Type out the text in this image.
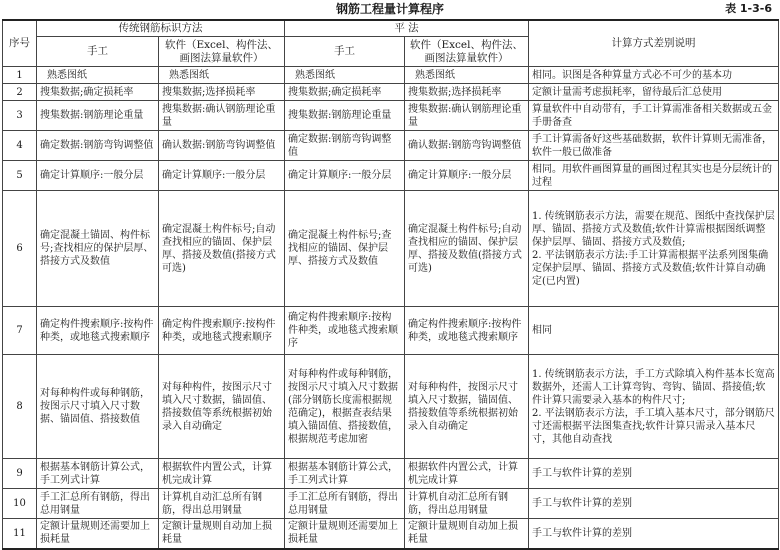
钢筋工程量计算程序	表 1-3-6
序号	传统钢筋标识方法		平 法		计算方式差别说明
	手工	软件（Excel、构件法、画图法算量软件）	手工	软件（Excel、构件法、画图法算量软件）	
1	熟悉图纸	熟悉图纸	熟悉图纸	熟悉图纸	相同。识图是各种算量方式必不可少的基本功

2	搜集数据;确定损耗率	搜集数据;选择损耗率	搜集数据;确定损耗率	搜集数据;选择损耗率	定额计量需考虑损耗率，留待最后汇总使用

3	搜集数据:钢筋理论重量	搜集数据:确认钢筋理论重量	搜集数据:钢筋理论重量	搜集数据:确认钢筋理论重量	算量软件中自动带有，手工计算需准备相关数据或五金手册备查

4	确定数据:钢筋弯钩调整值	确认数据:钢筋弯钩调整值	确定数据:钢筋弯钩调整值	确认数据:钢筋弯钩调整值	手工计算需备好这些基础数据，软件计算则无需准备，软件一般已做准备

5	确定计算顺序:一般分层	确定计算顺序:一般分层	确定计算顺序:一般分层	确定计算顺序:一般分层	相同。用软件画图算量的画图过程其实也是分层统计的过程

6	确定混凝土锚固、构件标号;查找相应的保护层厚、搭接方式及数值	确定混凝土构件标号;自动查找相应的锚固、保护层厚、搭接及数值(搭接方式可选)	确定混凝土构件标号;查找相应的锚固、保护层厚、搭接方式及数值	确定混凝土构件标号;自动查找相应的锚固、保护层厚、搭接及数值(搭接方式可选)	1. 传统钢筋表示方法，需要在规范、图纸中查找保护层厚、锚固、搭接方式及数值;软件计算需根据图纸调整保护层厚、锚固、搭接方式及数值;

2. 平法钢筋表示方法:手工计算需根据平法系列图集确定保护层厚、锚固、搭接方式及数值;软件计算自动确定(已内置)

7	确定构件搜索顺序:按构件种类，或地毯式搜索顺序	确定构件搜索顺序:按构件种类，或地毯式搜索顺序	确定构件搜索顺序:按构件种类，或地毯式搜索顺序	确定构件搜索顺序:按构件种类，或地毯式搜索顺序	相同

8	对每种构件或每种钢筋，按图示尺寸填入尺寸数据、锚固值、搭接数值	对每种构件，按图示尺寸填入尺寸数据，锚固值、搭接数值等系统根据初始录入自动确定	对每种构件或每种钢筋，按图示尺寸填入尺寸数据(部分钢筋长度需根据规范确定)，根据查表结果填入锚固值、搭接数值，根据规范考虑加密	对每种构件，按图示尺寸填入尺寸数据，锚固值、搭接数值等系统根据初始录入自动确定	1. 传统钢筋表示方法，手工方式除填入构件基本长宽高数据外，还需人工计算弯钩、弯钩、锚固、搭接值;软件计算只需要录入基本的构件尺寸;

2. 平法钢筋表示方法，手工填入基本尺寸，部分钢筋尺寸还需根据平法图集查找;软件计算只需录入基本尺寸，其他自动查找

9	根据基本钢筋计算公式，手工列式计算	根据软件内置公式，计算机完成计算	根据基本钢筋计算公式，手工列式计算	根据软件内置公式，计算机完成计算	手工与软件计算的差别

10	手工汇总所有钢筋，得出总用钢量	计算机自动汇总所有钢筋，得出总用钢量	手工汇总所有钢筋，得出总用钢量	计算机自动汇总所有钢筋，得出总用钢量	手工与软件计算的差别

11	定额计量规则还需要加上损耗量	定额计量规则自动加上损耗量	定额计量规则还需要加上损耗量	定额计量规则自动加上损耗量	手工与软件计算的差别
